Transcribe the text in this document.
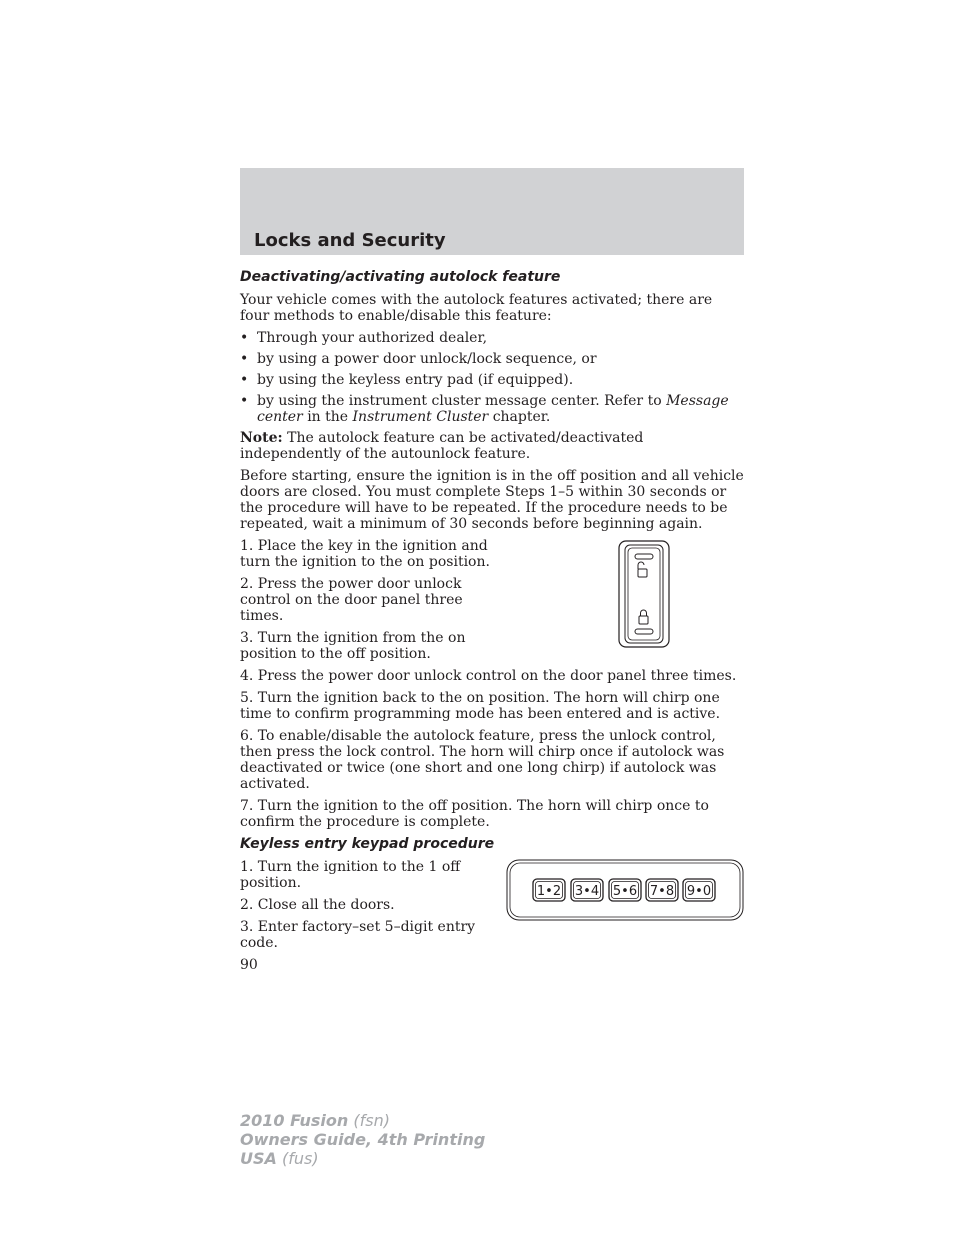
Locks and Security
Deactivating/activating autolock feature

Your vehicle comes with the autolock features activated; there are four methods to enable/disable this feature:

• Through your authorized dealer,
• by using a power door unlock/lock sequence, or
• by using the keyless entry pad (if equipped).
• by using the instrument cluster message center. Refer to Message center in the Instrument Cluster chapter.

Note: The autolock feature can be activated/deactivated independently of the autounlock feature.

Before starting, ensure the ignition is in the off position and all vehicle doors are closed. You must complete Steps 1–5 within 30 seconds or the procedure will have to be repeated. If the procedure needs to be repeated, wait a minimum of 30 seconds before beginning again.

1. Place the key in the ignition and turn the ignition to the on position.

2. Press the power door unlock control on the door panel three times.

3. Turn the ignition from the on position to the off position.

4. Press the power door unlock control on the door panel three times.

5. Turn the ignition back to the on position. The horn will chirp one time to confirm programming mode has been entered and is active.

6. To enable/disable the autolock feature, press the unlock control, then press the lock control. The horn will chirp once if autolock was deactivated or twice (one short and one long chirp) if autolock was activated.

7. Turn the ignition to the off position. The horn will chirp once to confirm the procedure is complete.

Keyless entry keypad procedure

1. Turn the ignition to the 1 off position.

2. Close all the doors.

3. Enter factory–set 5–digit entry code.

1•2 3•4 5•6 7•8 9•0

90

2010 Fusion (fsn)
Owners Guide, 4th Printing
USA (fus)
